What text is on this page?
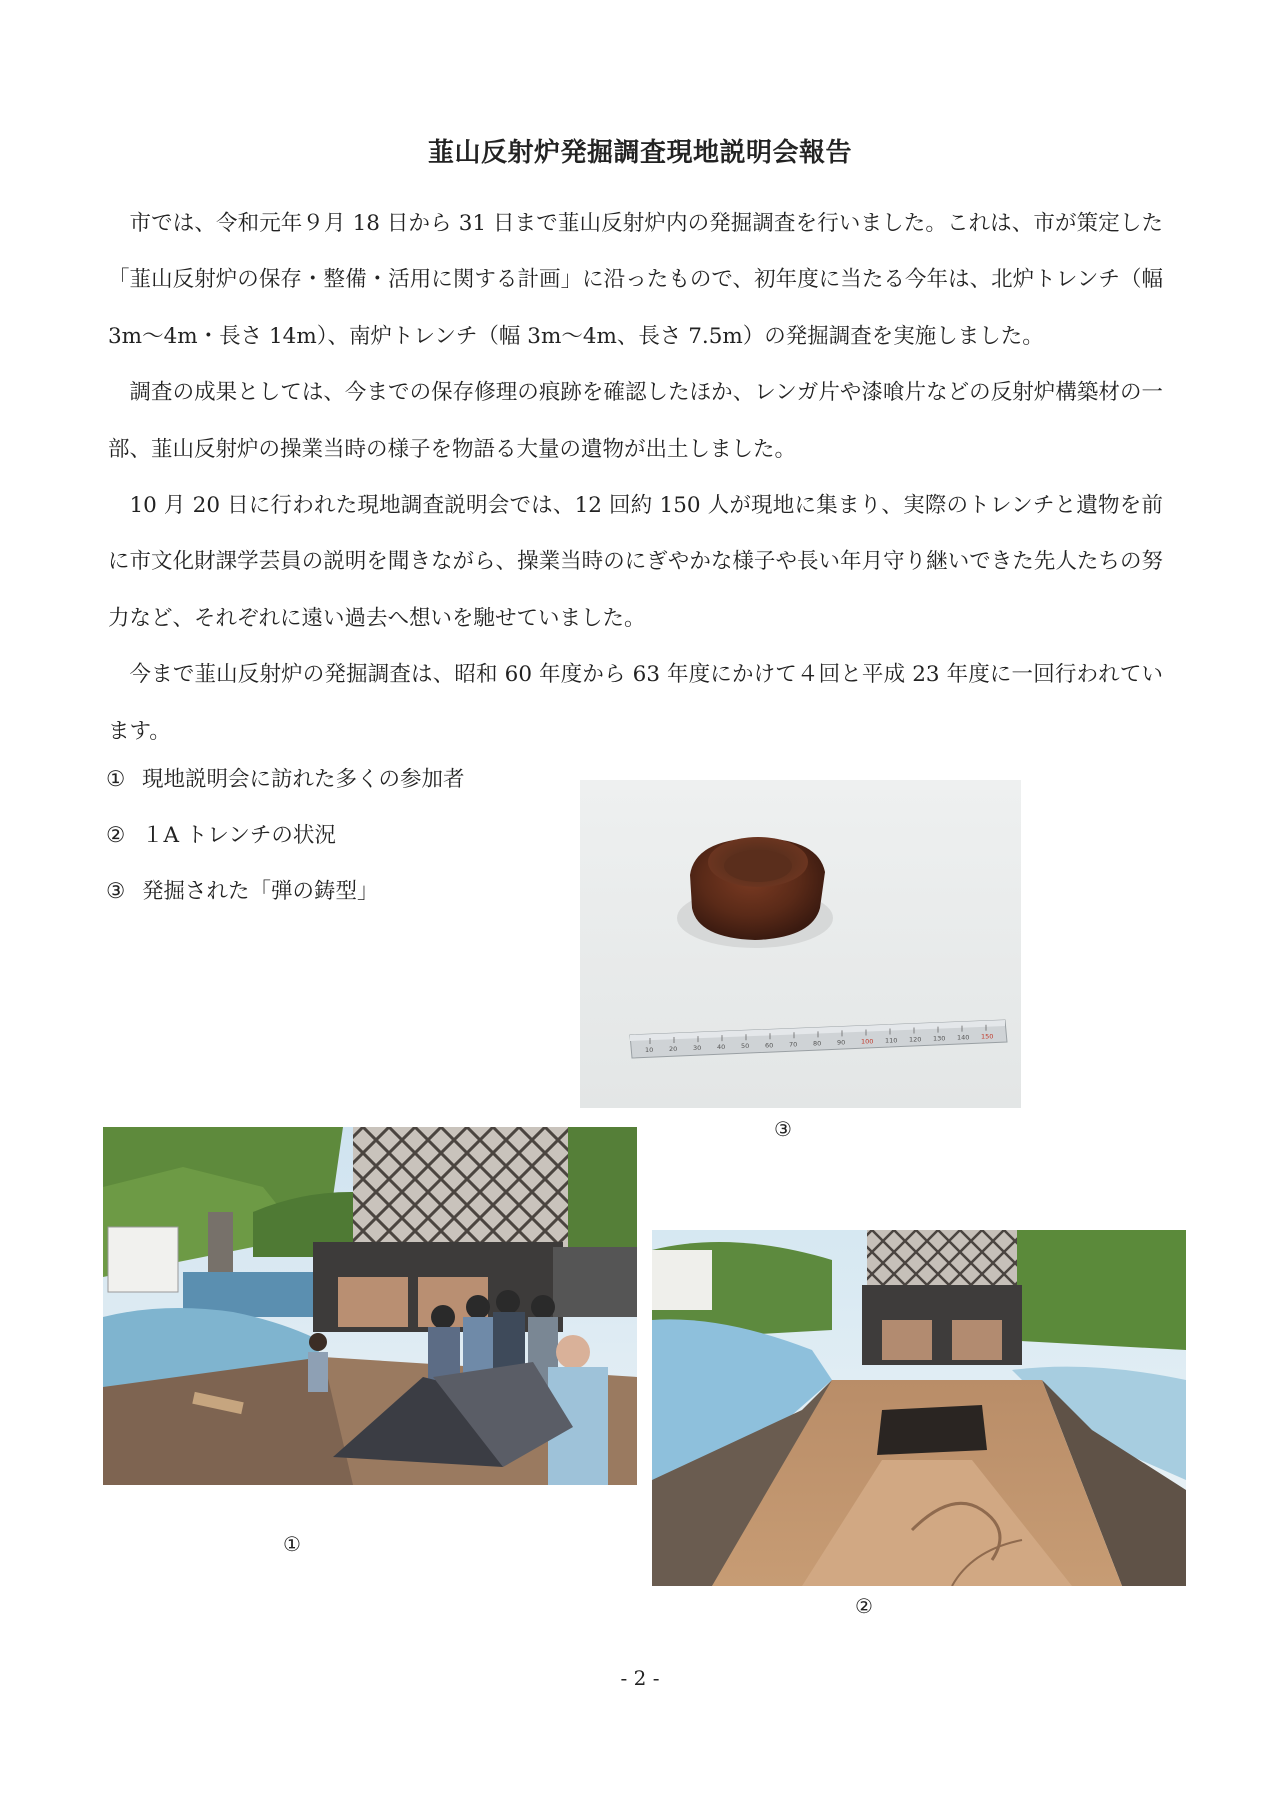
韮山反射炉発掘調査現地説明会報告

市では、令和元年９月 18 日から 31 日まで韮山反射炉内の発掘調査を行いました。これは、市が策定した「韮山反射炉の保存・整備・活用に関する計画」に沿ったもので、初年度に当たる今年は、北炉トレンチ（幅 3m〜4m・長さ 14m）、南炉トレンチ（幅 3m〜4m、長さ 7.5m）の発掘調査を実施しました。

調査の成果としては、今までの保存修理の痕跡を確認したほか、レンガ片や漆喰片などの反射炉構築材の一部、韮山反射炉の操業当時の様子を物語る大量の遺物が出土しました。

10 月 20 日に行われた現地調査説明会では、12 回約 150 人が現地に集まり、実際のトレンチと遺物を前に市文化財課学芸員の説明を聞きながら、操業当時のにぎやかな様子や長い年月守り継いできた先人たちの努力など、それぞれに遠い過去へ想いを馳せていました。

今まで韮山反射炉の発掘調査は、昭和 60 年度から 63 年度にかけて４回と平成 23 年度に一回行われています。

① 現地説明会に訪れた多くの参加者
② １A トレンチの状況
③ 発掘された「弾の鋳型」
10 20 30 40 50 60 70 80 90 100 110 120 130 140 150
③
①
②
- 2 -
